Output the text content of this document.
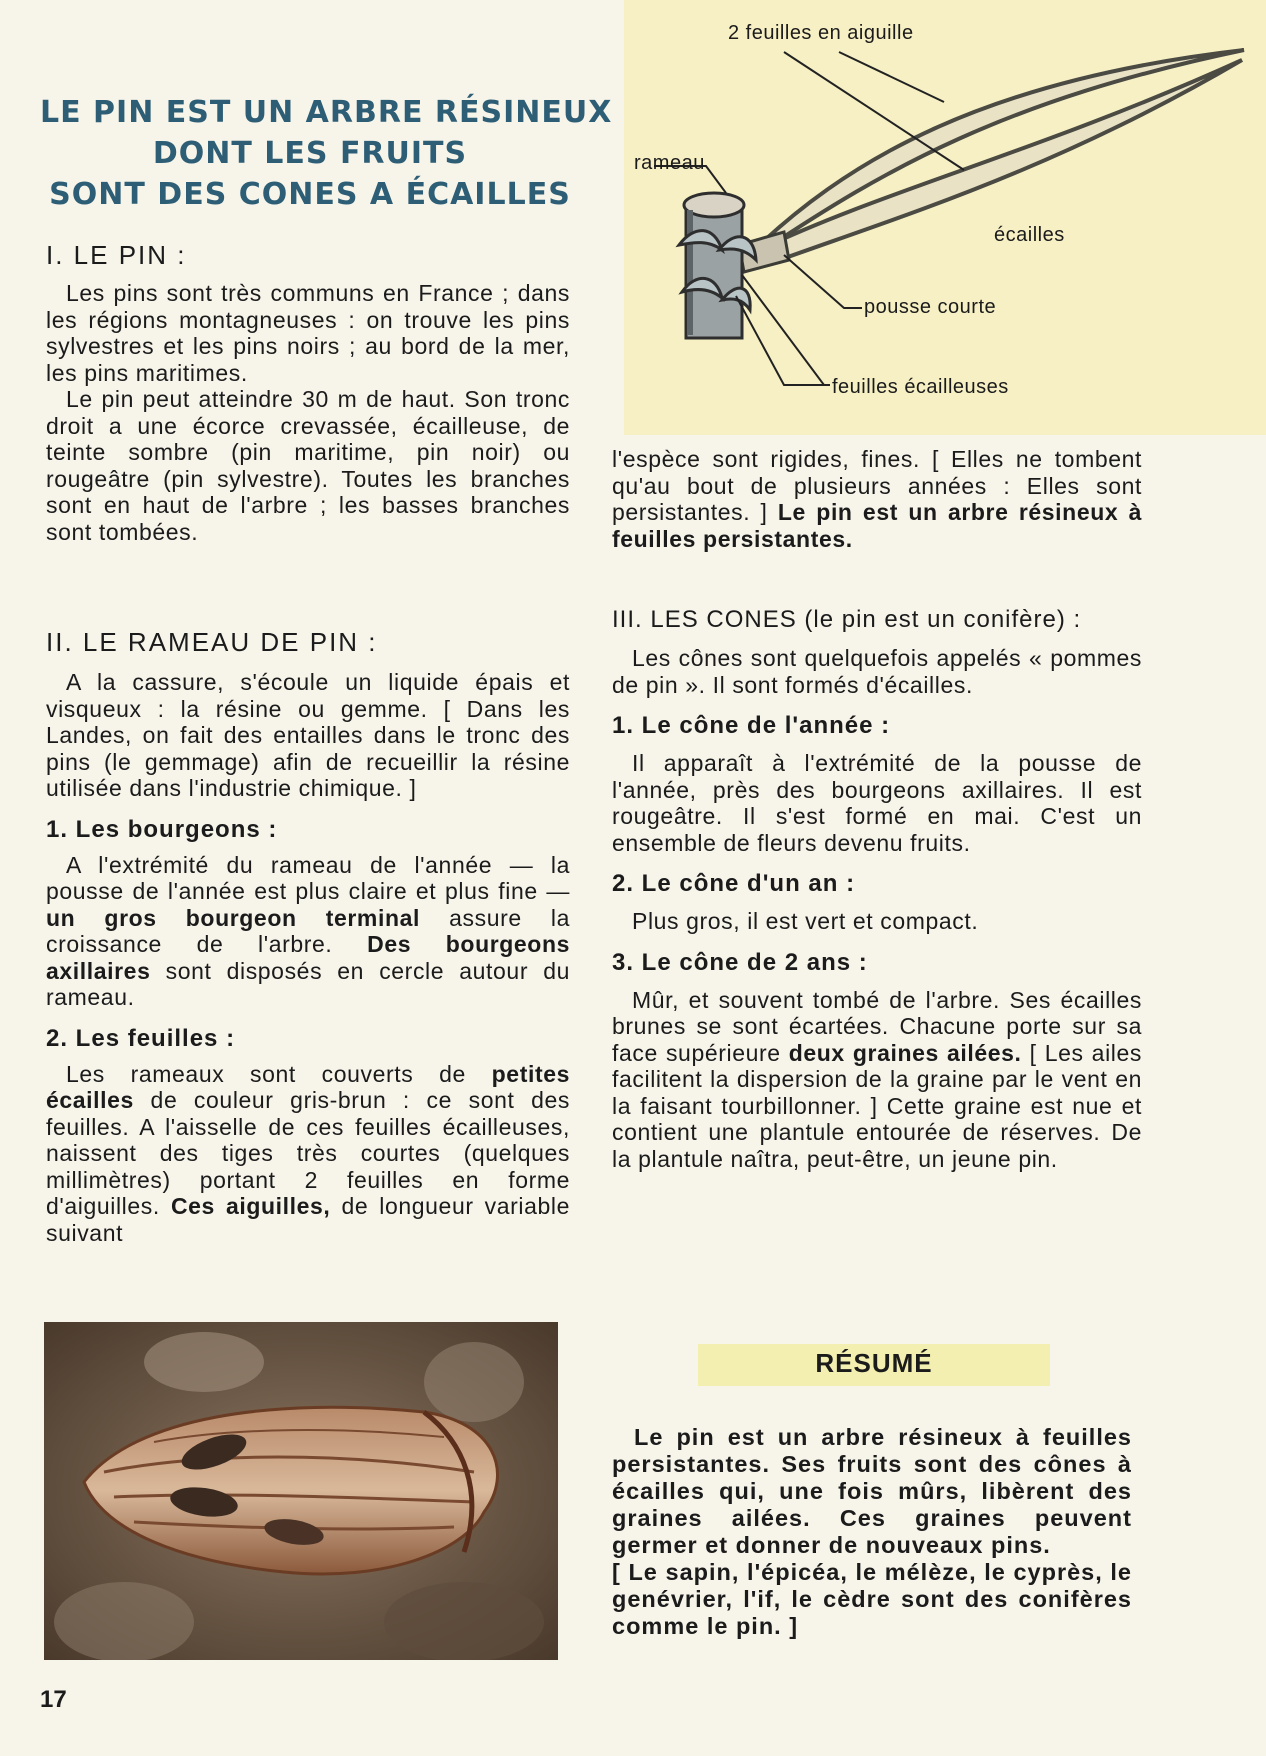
LE PIN EST UN ARBRE RÉSINEUX
DONT LES FRUITS
SONT DES CONES A ÉCAILLES
I. LE PIN :

Les pins sont très communs en France ; dans les régions montagneuses : on trouve les pins sylvestres et les pins noirs ; au bord de la mer, les pins maritimes.

Le pin peut atteindre 30 m de haut. Son tronc droit a une écorce crevassée, écailleuse, de teinte sombre (pin maritime, pin noir) ou rougeâtre (pin sylvestre). Toutes les branches sont en haut de l'arbre ; les basses branches sont tombées.

II. LE RAMEAU DE PIN :

A la cassure, s'écoule un liquide épais et visqueux : la résine ou gemme. [ Dans les Landes, on fait des entailles dans le tronc des pins (le gemmage) afin de recueillir la résine utilisée dans l'industrie chimique. ]

1. Les bourgeons :

A l'extrémité du rameau de l'année — la pousse de l'année est plus claire et plus fine — un gros bourgeon terminal assure la croissance de l'arbre. Des bourgeons axillaires sont disposés en cercle autour du rameau.

2. Les feuilles :

Les rameaux sont couverts de petites écailles de couleur gris-brun : ce sont des feuilles. A l'aisselle de ces feuilles écailleuses, naissent des tiges très courtes (quelques millimètres) portant 2 feuilles en forme d'aiguilles. Ces aiguilles, de longueur variable suivant

2 feuilles en aiguille
rameau
écailles
pousse courte
feuilles écailleuses

l'espèce sont rigides, fines. [ Elles ne tombent qu'au bout de plusieurs années : Elles sont persistantes. ] Le pin est un arbre résineux à feuilles persistantes.

III. LES CONES (le pin est un conifère) :

Les cônes sont quelquefois appelés « pommes de pin ». Il sont formés d'écailles.

1. Le cône de l'année :

Il apparaît à l'extrémité de la pousse de l'année, près des bourgeons axillaires. Il est rougeâtre. Il s'est formé en mai. C'est un ensemble de fleurs devenu fruits.

2. Le cône d'un an :

Plus gros, il est vert et compact.

3. Le cône de 2 ans :

Mûr, et souvent tombé de l'arbre. Ses écailles brunes se sont écartées. Chacune porte sur sa face supérieure deux graines ailées. [ Les ailes facilitent la dispersion de la graine par le vent en la faisant tourbillonner. ] Cette graine est nue et contient une plantule entourée de réserves. De la plantule naîtra, peut-être, un jeune pin.

RÉSUMÉ
Le pin est un arbre résineux à feuilles persistantes. Ses fruits sont des cônes à écailles qui, une fois mûrs, libèrent des graines ailées. Ces graines peuvent germer et donner de nouveaux pins.
[ Le sapin, l'épicéa, le mélèze, le cyprès, le genévrier, l'if, le cèdre sont des conifères comme le pin. ]
17
